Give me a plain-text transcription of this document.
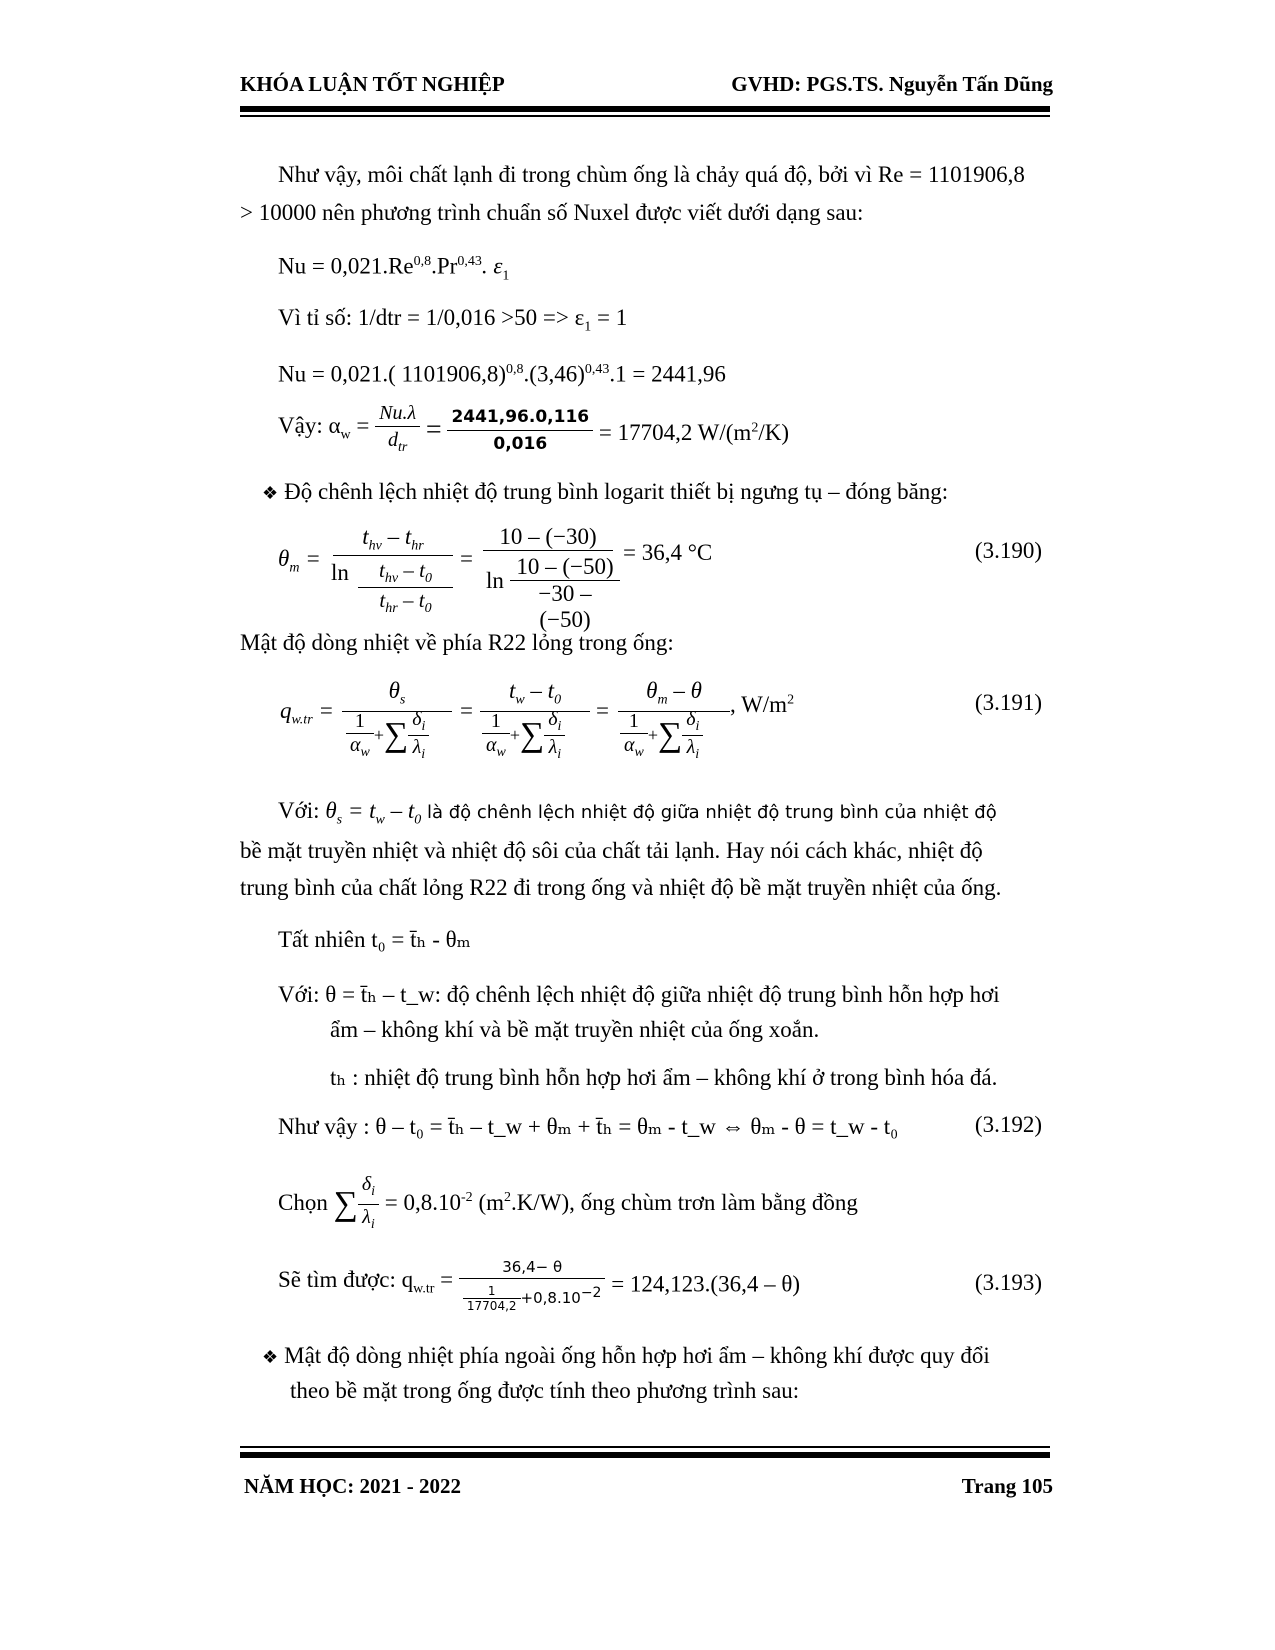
KHÓA LUẬN TỐT NGHIỆP	GVHD: PGS.TS. Nguyễn Tấn Dũng
Như vậy, môi chất lạnh đi trong chùm ống là chảy quá độ, bởi vì Re = 1101906,8
> 10000 nên phương trình chuẩn số Nuxel được viết dưới dạng sau:
Nu = 0,021.Re$^{0,8}$.Pr$^{0,43}$. $\varepsilon_1$
Vì tỉ số: $1/dtr = 1/0,016 >50 => \varepsilon_1 = 1$
Nu = 0,021.( $1101906,8)^{0,8}.(3,46)^{0,43}.1 = 2441,96$
Vậy: $\alpha_w = \frac{Nu.\lambda}{d_{tr}} = \frac{2441,96.0,116}{0,016} = 17704,2$ $W/(m^2/K)$
❖ Độ chênh lệch nhiệt độ trung bình logarit thiết bị ngưng tụ – đóng băng:
$\theta_m$ =
$t_{hv} - t_{hr}$
ln	$t_{hv} - t_0$
$t_{hr} - t_0$
=
10 – (−30)

ln
10 – (−50)
−30 – (−50)
= 36,4 °C	(3.190)
Mật độ dòng nhiệt về phía R22 lỏng trong ống:
$q_{w.tr}$ =
$\theta_s$
$\frac{1}{\alpha_w}$ +∑ $\frac{\delta_i}{\lambda_i}$ =
$t_w - t_0$
$\frac{1}{\alpha_w}$ +∑ $\frac{\delta_i}{\lambda_i}$ =
$\theta_m$ – θ
$\frac{1}{\alpha_w}$ +∑ $\frac{\delta_i}{\lambda_i}$
, $W/m^2$	(3.191)
Với: $\theta_s = t_w - t_0$ là độ chênh lệch nhiệt độ giữa nhiệt độ trung bình của nhiệt độ
bề mặt truyền nhiệt và nhiệt độ sôi của chất tải lạnh. Hay nói cách khác, nhiệt độ
trung bình của chất lỏng R22 đi trong ống và nhiệt độ bề mặt truyền nhiệt của ống.
Tất nhiên t₀ = t̄ₕ - θₘ
Với: θ = t̄ₕ – t_w: độ chênh lệch nhiệt độ giữa nhiệt độ trung bình hỗn hợp hơi
ẩm – không khí và bề mặt truyền nhiệt của ống xoắn.
tₕ : nhiệt độ trung bình hỗn hợp hơi ẩm – không khí ở trong bình hóa đá.
Như vậy : θ – t₀ = t̄ₕ – t_w + θₘ + t̄ₕ = θₘ - t_w ⇔ θₘ - θ = t_w - t₀	(3.192)
Chọn ∑ $\frac{\delta_i}{\lambda_i} = 0,8.10^{-2}$ $(m^2.K/W)$, ống chùm trơn làm bằng đồng
Sẽ tìm được: $q_{w.tr} = \frac{36,4- \theta}{\frac{1}{17704,2} +0,8.10^{-2}} = 124,123.(36,4 - \theta)$	(3.193)
❖ Mật độ dòng nhiệt phía ngoài ống hỗn hợp hơi ẩm – không khí được quy đổi
theo bề mặt trong ống được tính theo phương trình sau:
NĂM HỌC: 2021 - 2022	Trang 105
